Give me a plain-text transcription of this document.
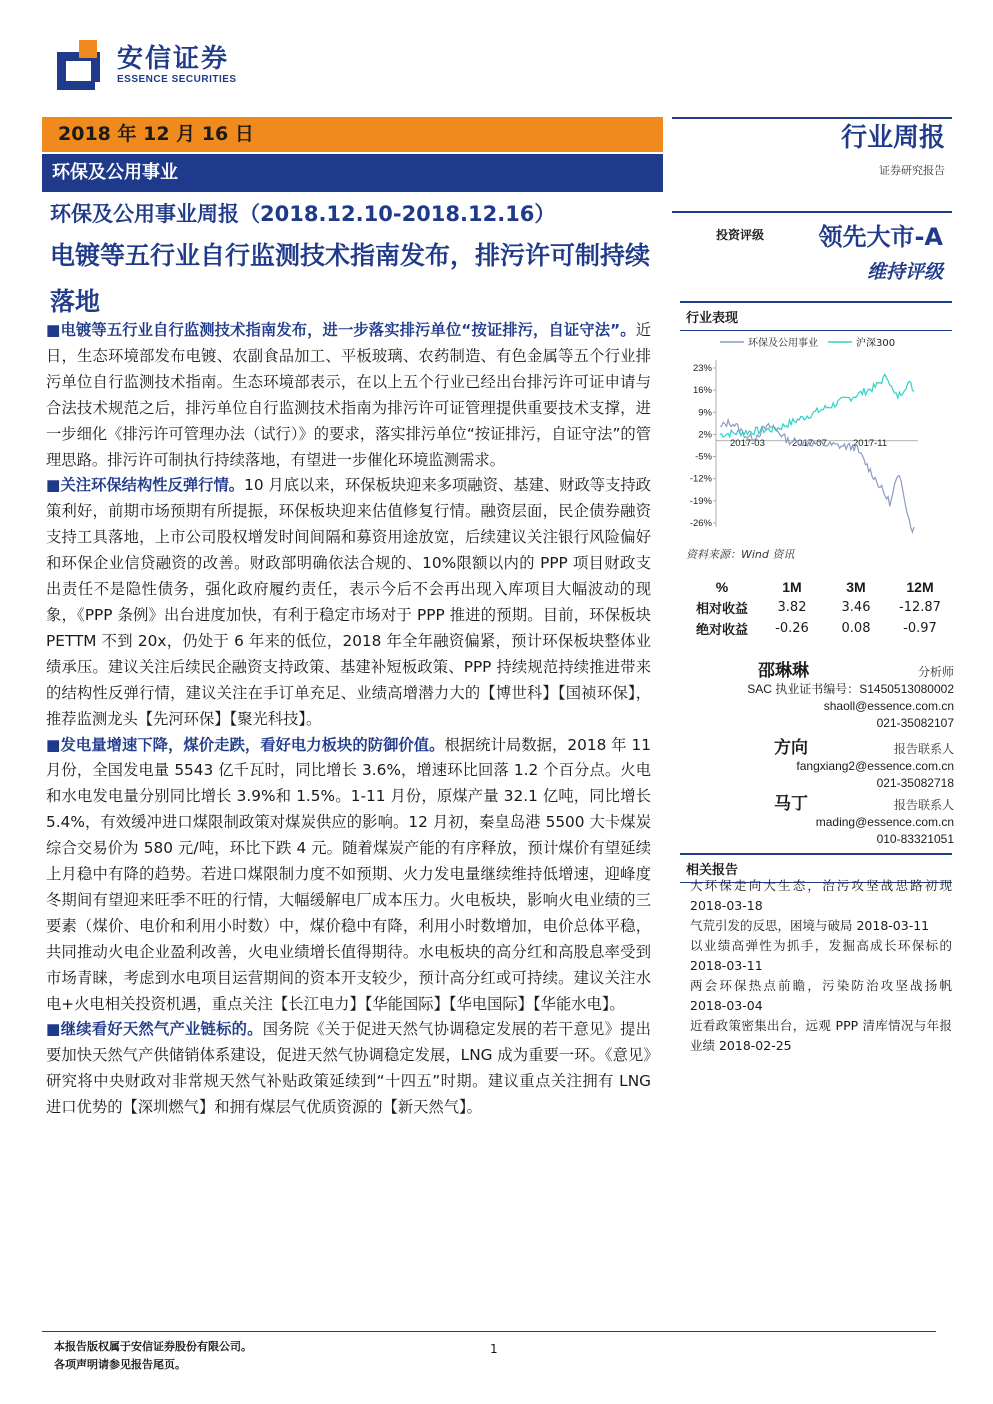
安信证券
ESSENCE SECURITIES
2018 年 12 月 16 日
环保及公用事业
行业周报
证券研究报告
环保及公用事业周报（2018.12.10-2018.12.16）
电镀等五行业自行监测技术指南发布，排污许可制持续落地

■电镀等五行业自行监测技术指南发布，进一步落实排污单位“按证排污，自证守法”。近日，生态环境部发布电镀、农副食品加工、平板玻璃、农药制造、有色金属等五个行业排污单位自行监测技术指南。生态环境部表示，在以上五个行业已经出台排污许可证申请与合法技术规范之后，排污单位自行监测技术指南为排污许可证管理提供重要技术支撑，进一步细化《排污许可管理办法（试行）》的要求，落实排污单位“按证排污，自证守法”的管理思路。排污许可制执行持续落地，有望进一步催化环境监测需求。

■关注环保结构性反弹行情。10 月底以来，环保板块迎来多项融资、基建、财政等支持政策利好，前期市场预期有所提振，环保板块迎来估值修复行情。融资层面，民企债券融资支持工具落地，上市公司股权增发时间间隔和募资用途放宽，后续建议关注银行风险偏好和环保企业信贷融资的改善。财政部明确依法合规的、10%限额以内的 PPP 项目财政支出责任不是隐性债务，强化政府履约责任，表示今后不会再出现入库项目大幅波动的现象，《PPP 条例》出台进度加快，有利于稳定市场对于 PPP 推进的预期。目前，环保板块 PETTM 不到 20x，仍处于 6 年来的低位，2018 年全年融资偏紧，预计环保板块整体业绩承压。建议关注后续民企融资支持政策、基建补短板政策、PPP 持续规范持续推进带来的结构性反弹行情，建议关注在手订单充足、业绩高增潜力大的【博世科】【国祯环保】，推荐监测龙头【先河环保】【聚光科技】。

■发电量增速下降，煤价走跌，看好电力板块的防御价值。根据统计局数据，2018 年 11 月份，全国发电量 5543 亿千瓦时，同比增长 3.6%，增速环比回落 1.2 个百分点。火电和水电发电量分别同比增长 3.9%和 1.5%。1-11 月份，原煤产量 32.1 亿吨，同比增长 5.4%，有效缓冲进口煤限制政策对煤炭供应的影响。12 月初，秦皇岛港 5500 大卡煤炭综合交易价为 580 元/吨，环比下跌 4 元。随着煤炭产能的有序释放，预计煤价有望延续上月稳中有降的趋势。若进口煤限制力度不如预期、火力发电量继续维持低增速，迎峰度冬期间有望迎来旺季不旺的行情，大幅缓解电厂成本压力。火电板块，影响火电业绩的三要素（煤价、电价和利用小时数）中，煤价稳中有降，利用小时数增加，电价总体平稳，共同推动火电企业盈利改善，火电业绩增长值得期待。水电板块的高分红和高股息率受到市场青睐，考虑到水电项目运营期间的资本开支较少，预计高分红或可持续。建议关注水电+火电相关投资机遇，重点关注【长江电力】【华能国际】【华电国际】【华能水电】。

■继续看好天然气产业链标的。国务院《关于促进天然气协调稳定发展的若干意见》提出要加快天然气产供储销体系建设，促进天然气协调稳定发展，LNG 成为重要一环。《意见》研究将中央财政对非常规天然气补贴政策延续到“十四五”时期。建议重点关注拥有 LNG 进口优势的【深圳燃气】和拥有煤层气优质资源的【新天然气】。

投资评级 领先大市-A
维持评级
行业表现
环保及公用事业	沪深300
23%
16%
9%
2%
-5%
-12%
-19%
-26%
2017-03	2017-07	2017-11
资料来源：Wind 资讯
%	1M	3M	12M
相对收益	3.82	3.46	-12.87
绝对收益	-0.26	0.08	-0.97
邵琳琳	分析师
SAC 执业证书编号：S1450513080002
shaoll@essence.com.cn
021-35082107
方向	报告联系人
fangxiang2@essence.com.cn
021-35082718
马丁	报告联系人
mading@essence.com.cn
010-83321051
相关报告

大环保走向大生态，治污攻坚战思路初现 2018-03-18

气荒引发的反思，困境与破局 2018-03-11

以业绩高弹性为抓手，发掘高成长环保标的 2018-03-11

两会环保热点前瞻，污染防治攻坚战扬帆 2018-03-04

近看政策密集出台，远观 PPP 清库情况与年报业绩 2018-02-25

本报告版权属于安信证券股份有限公司。
各项声明请参见报告尾页。
1
